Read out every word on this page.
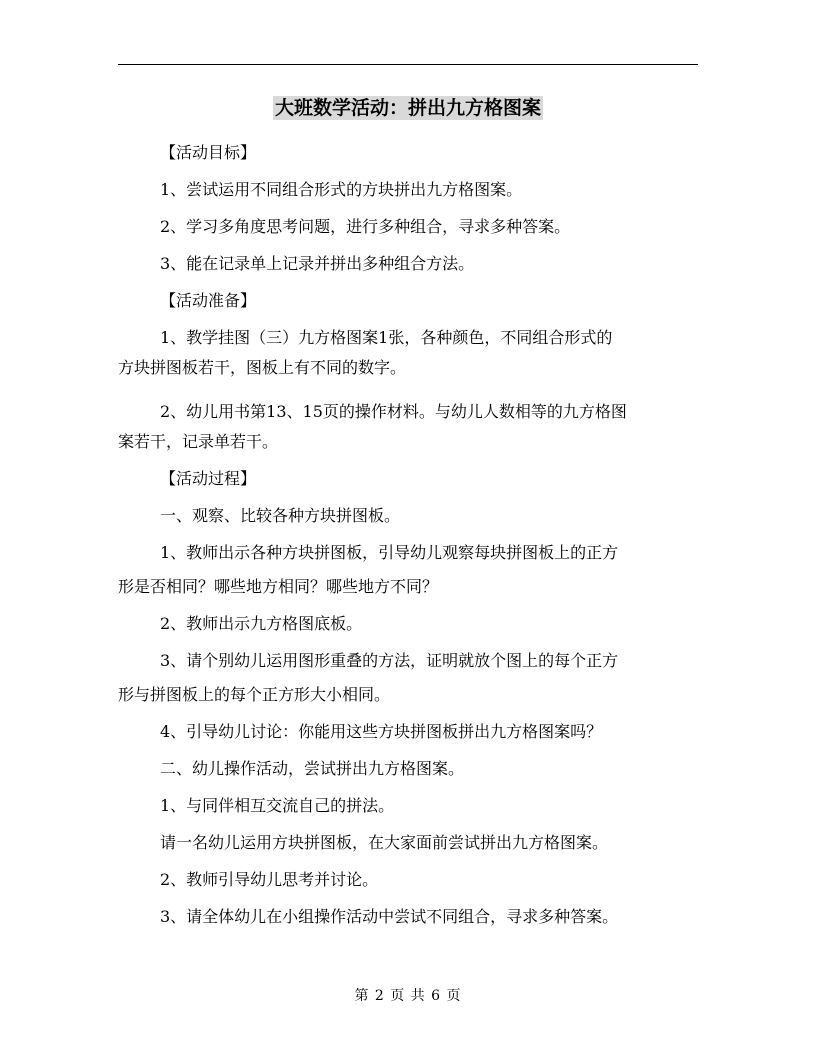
大班数学活动：拼出九方格图案
【活动目标】
1、尝试运用不同组合形式的方块拼出九方格图案。
2、学习多角度思考问题，进行多种组合，寻求多种答案。
3、能在记录单上记录并拼出多种组合方法。
【活动准备】
1、教学挂图（三）九方格图案1张，各种颜色，不同组合形式的
方块拼图板若干，图板上有不同的数字。
2、幼儿用书第13、15页的操作材料。与幼儿人数相等的九方格图
案若干，记录单若干。
【活动过程】
一、观察、比较各种方块拼图板。
1、教师出示各种方块拼图板，引导幼儿观察每块拼图板上的正方
形是否相同？哪些地方相同？哪些地方不同？
2、教师出示九方格图底板。
3、请个别幼儿运用图形重叠的方法，证明就放个图上的每个正方
形与拼图板上的每个正方形大小相同。
4、引导幼儿讨论：你能用这些方块拼图板拼出九方格图案吗？
二、幼儿操作活动，尝试拼出九方格图案。
1、与同伴相互交流自己的拼法。
请一名幼儿运用方块拼图板，在大家面前尝试拼出九方格图案。
2、教师引导幼儿思考并讨论。
3、请全体幼儿在小组操作活动中尝试不同组合，寻求多种答案。
第 2 页 共 6 页
